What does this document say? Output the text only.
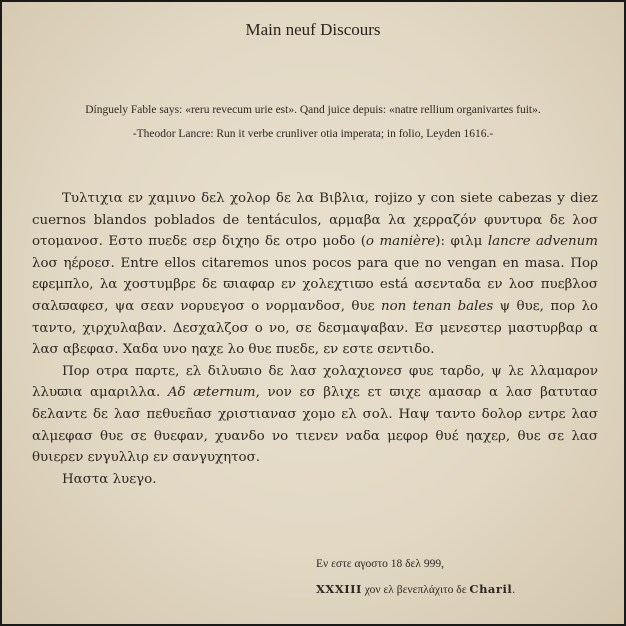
Main neuf Discours
Dínguely Fable says: «reru revecum urie est». Qand juice depuis: «natre rellium organivartes fuit».
-Theodor Lancre: Run it verbe crunliver otia imperata; in folio, Leyden 1616.-

Τυλτιχια εν χαμινο δελ χολορ δε λα Βιβλια, rojizo y con siete cabezas y diez cuernos blandos poblados de tentáculos, αρμαβα λα χερραζόν φυντυρα δε λοσ οτομανοσ. Εστο πυεδε σερ διχηο δε οτρο μοδο (ο manière): φιλμ lancre advenum λοσ ηέροεσ. Entre ellos citaremos unos pocos para que no vengan en masa. Πορ εφεμπλο, λα χοστυμβρε δε ϖιαφαρ εν χολεχτιϖο está ασενταδα εν λοσ πυεβλοσ σαλϖαφεσ, ψα σεαν νορυεγοσ ο νορμανδοσ, θυε non tenan bales ψ θυε, πορ λο ταντο, χιρχυλαβαν. Δεσχαλζοσ ο νο, σε δεσμαψαβαν. Εσ μενεστερ μαστυρβαρ α λασ αβεφασ. Χαδα υνο ηαχε λο θυε πυεδε, εν εστε σεντιδο.

Πορ οτρα παρτε, ελ διλυϖιο δε λασ χολαχιονεσ φυε ταρδο, ψ λε λλαμαρον λλυϖια αμαριλλα. Αδ æternum, νον εσ βλιχε ετ ϖιχε αμασαρ α λασ βατυτασ δελαντε δε λασ πεθυεñασ χριστιανασ χομο ελ σολ. Ηαψ ταντο δολορ εντρε λασ αλμεφασ θυε σε θυεφαν, χυανδο νο τιενεν ναδα μεφορ θυέ ηαχερ, θυε σε λασ θυιερεν ενγυλλιρ εν σανγυχητοσ.

Ηαστα λυεγο.

Εν εστε αγοστο 18 δελ 999,
XXXIII χον ελ βενεπλάχιτο δε Charil.
